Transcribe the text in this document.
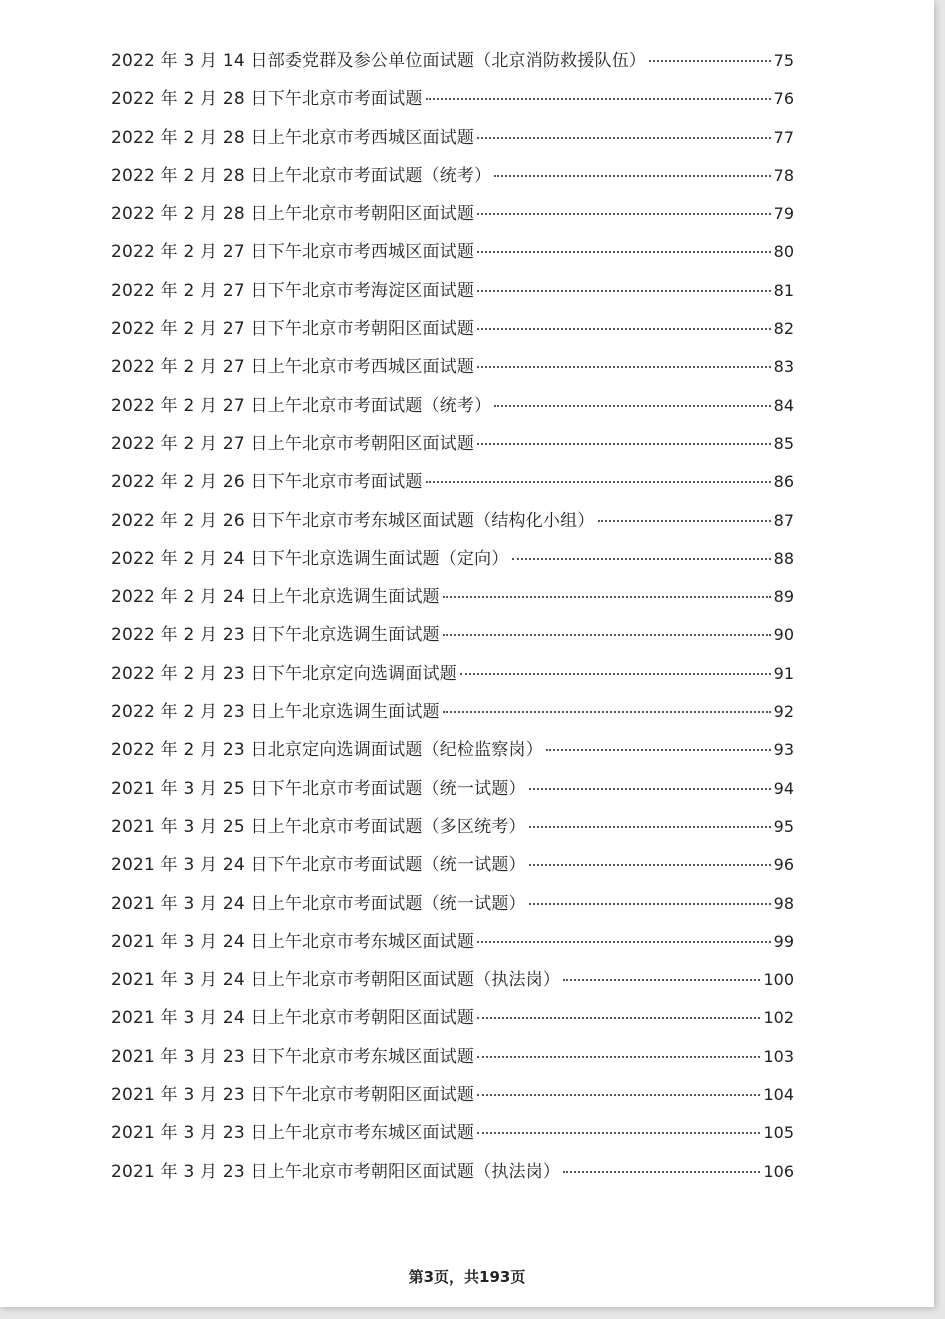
2022 年 3 月 14 日部委党群及参公单位面试题（北京消防救援队伍）	75
2022 年 2 月 28 日下午北京市考面试题	76
2022 年 2 月 28 日上午北京市考西城区面试题	77
2022 年 2 月 28 日上午北京市考面试题（统考）	78
2022 年 2 月 28 日上午北京市考朝阳区面试题	79
2022 年 2 月 27 日下午北京市考西城区面试题	80
2022 年 2 月 27 日下午北京市考海淀区面试题	81
2022 年 2 月 27 日下午北京市考朝阳区面试题	82
2022 年 2 月 27 日上午北京市考西城区面试题	83
2022 年 2 月 27 日上午北京市考面试题（统考）	84
2022 年 2 月 27 日上午北京市考朝阳区面试题	85
2022 年 2 月 26 日下午北京市考面试题	86
2022 年 2 月 26 日下午北京市考东城区面试题（结构化小组）	87
2022 年 2 月 24 日下午北京选调生面试题（定向）	88
2022 年 2 月 24 日上午北京选调生面试题	89
2022 年 2 月 23 日下午北京选调生面试题	90
2022 年 2 月 23 日下午北京定向选调面试题	91
2022 年 2 月 23 日上午北京选调生面试题	92
2022 年 2 月 23 日北京定向选调面试题（纪检监察岗）	93
2021 年 3 月 25 日下午北京市考面试题（统一试题）	94
2021 年 3 月 25 日上午北京市考面试题（多区统考）	95
2021 年 3 月 24 日下午北京市考面试题（统一试题）	96
2021 年 3 月 24 日上午北京市考面试题（统一试题）	98
2021 年 3 月 24 日上午北京市考东城区面试题	99
2021 年 3 月 24 日上午北京市考朝阳区面试题（执法岗）	100
2021 年 3 月 24 日上午北京市考朝阳区面试题	102
2021 年 3 月 23 日下午北京市考东城区面试题	103
2021 年 3 月 23 日下午北京市考朝阳区面试题	104
2021 年 3 月 23 日上午北京市考东城区面试题	105
2021 年 3 月 23 日上午北京市考朝阳区面试题（执法岗）	106
第3页，共193页
